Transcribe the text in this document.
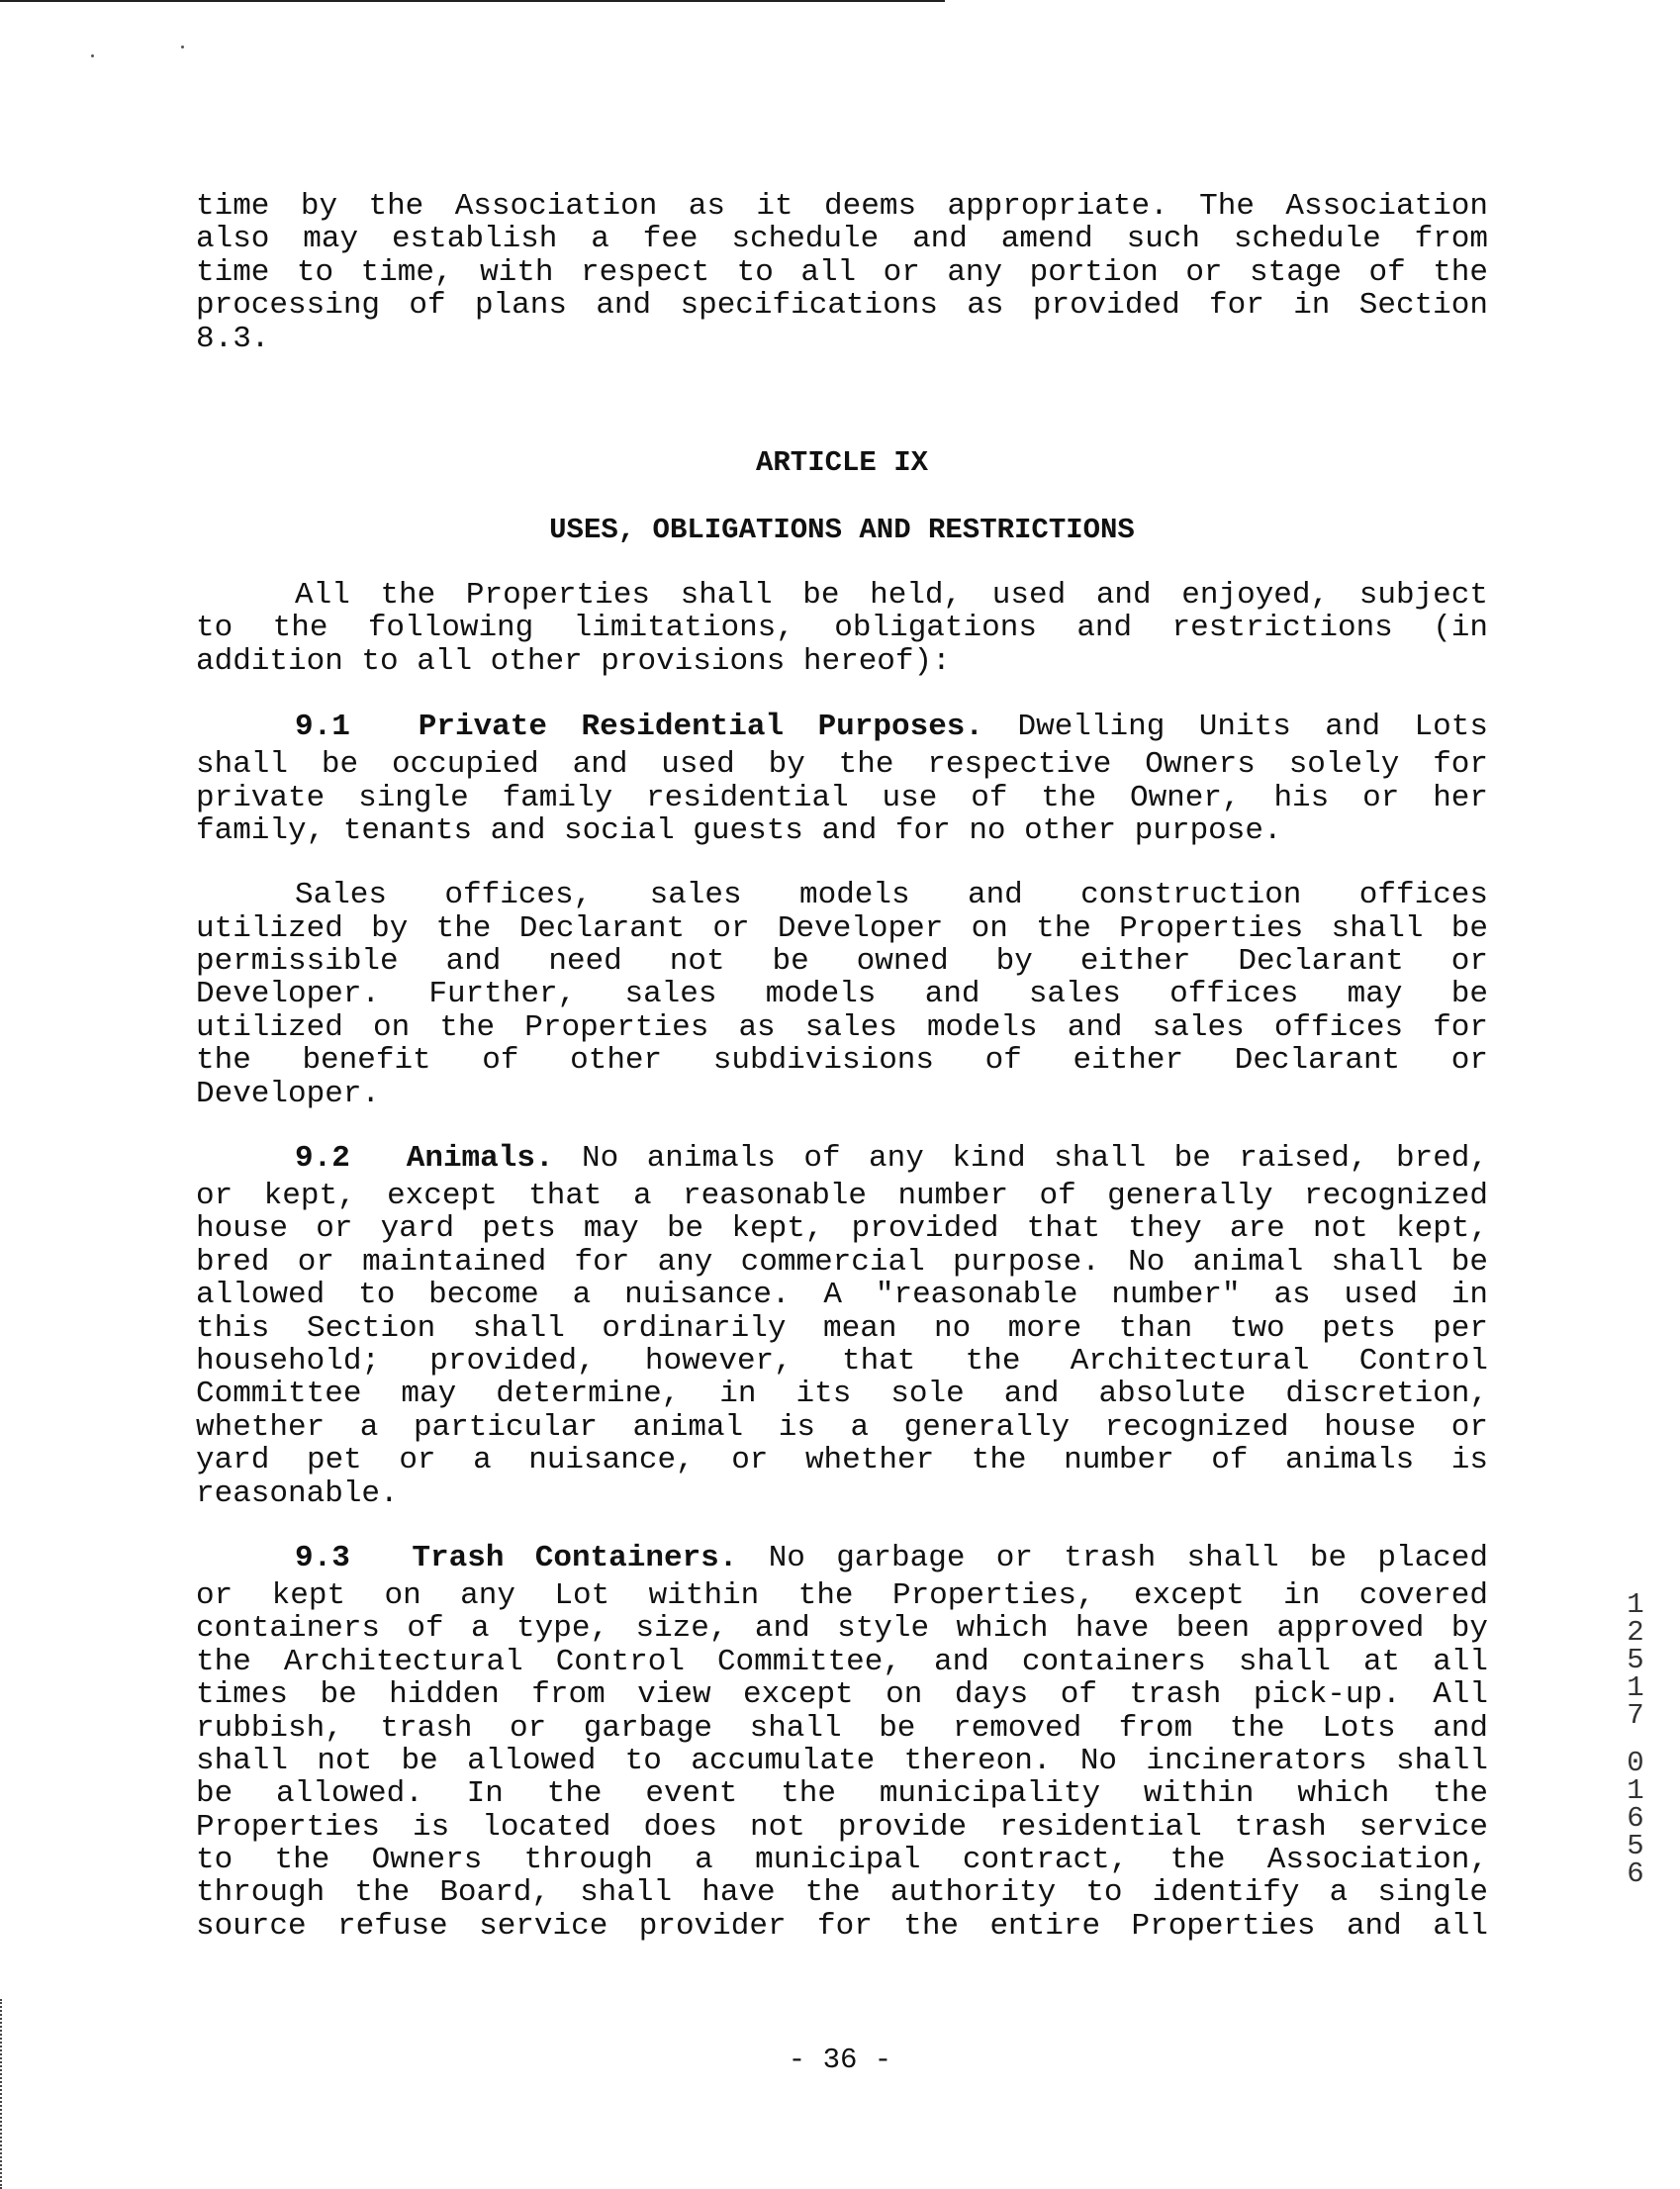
time by the Association as it deems appropriate. The Association
also may establish a fee schedule and amend such schedule from
time to time, with respect to all or any portion or stage of the
processing of plans and specifications as provided for in Section
8.3.
ARTICLE IX
USES, OBLIGATIONS AND RESTRICTIONS
All the Properties shall be held, used and enjoyed, subject
to the following limitations, obligations and restrictions (in
addition to all other provisions hereof):
9.1 Private Residential Purposes. Dwelling Units and Lots
shall be occupied and used by the respective Owners solely for
private single family residential use of the Owner, his or her
family, tenants and social guests and for no other purpose.
Sales offices, sales models and construction offices
utilized by the Declarant or Developer on the Properties shall be
permissible and need not be owned by either Declarant or
Developer. Further, sales models and sales offices may be
utilized on the Properties as sales models and sales offices for
the benefit of other subdivisions of either Declarant or
Developer.
9.2 Animals. No animals of any kind shall be raised, bred,
or kept, except that a reasonable number of generally recognized
house or yard pets may be kept, provided that they are not kept,
bred or maintained for any commercial purpose. No animal shall be
allowed to become a nuisance. A "reasonable number" as used in
this Section shall ordinarily mean no more than two pets per
household; provided, however, that the Architectural Control
Committee may determine, in its sole and absolute discretion,
whether a particular animal is a generally recognized house or
yard pet or a nuisance, or whether the number of animals is
reasonable.
9.3 Trash Containers. No garbage or trash shall be placed
or kept on any Lot within the Properties, except in covered
containers of a type, size, and style which have been approved by
the Architectural Control Committee, and containers shall at all
times be hidden from view except on days of trash pick-up. All
rubbish, trash or garbage shall be removed from the Lots and
shall not be allowed to accumulate thereon. No incinerators shall
be allowed. In the event the municipality within which the
Properties is located does not provide residential trash service
to the Owners through a municipal contract, the Association,
through the Board, shall have the authority to identify a single
source refuse service provider for the entire Properties and all
- 36 -
1
2
5
1
7
0
1
6
5
6
